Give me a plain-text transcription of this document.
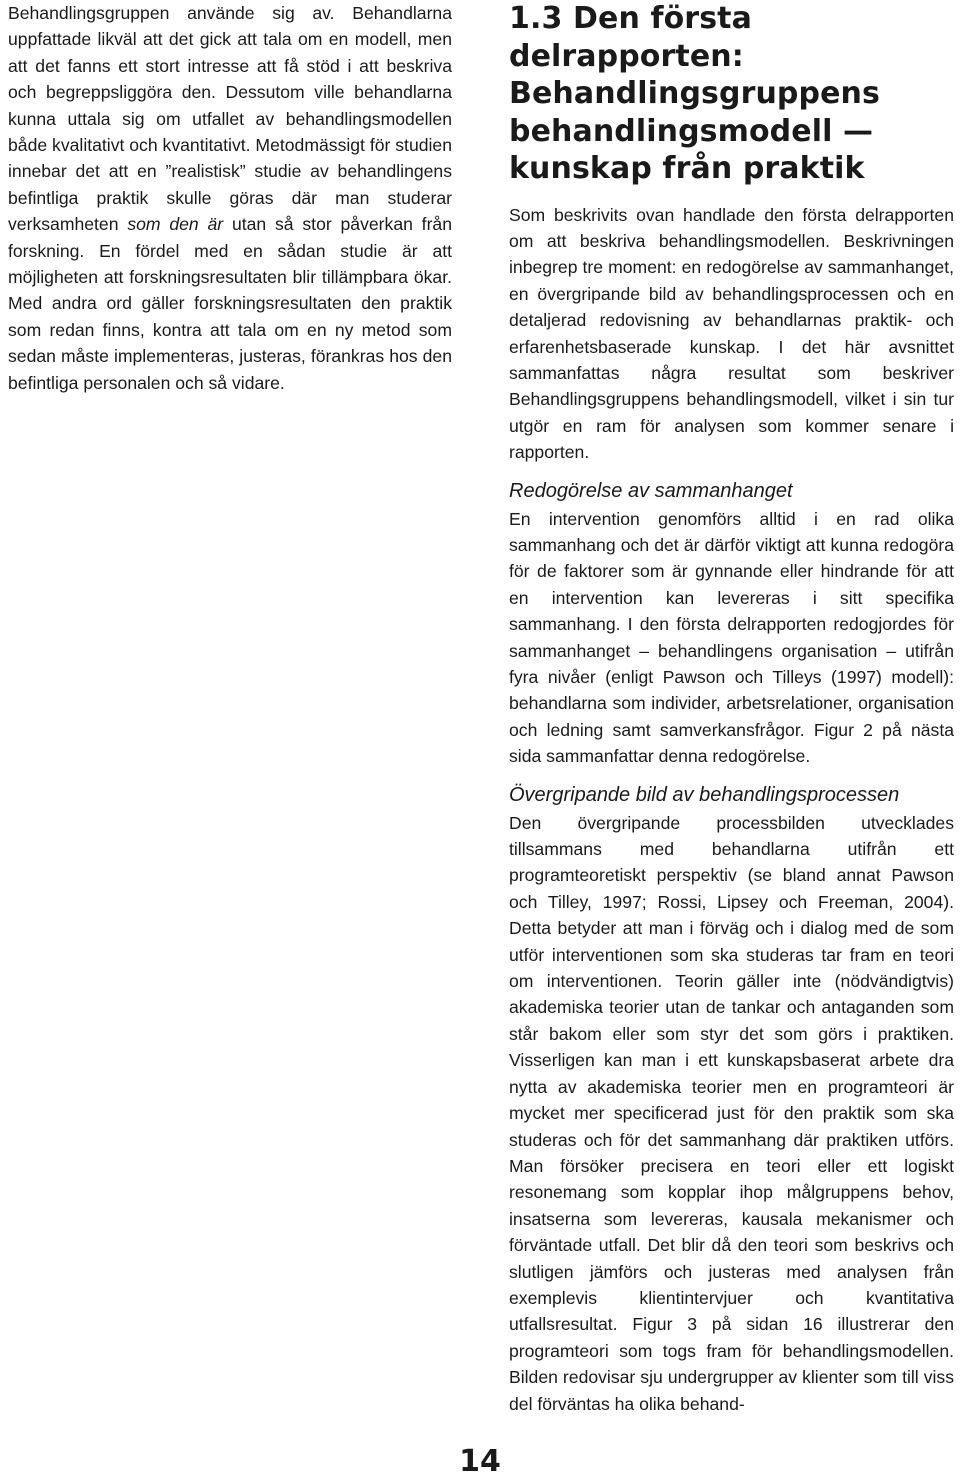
Behandlingsgruppen använde sig av. Behandlarna uppfattade likväl att det gick att tala om en modell, men att det fanns ett stort intresse att få stöd i att beskriva och begreppsliggöra den. Dessutom ville behandlarna kunna uttala sig om utfallet av behandlingsmodellen både kvalitativt och kvantitativt. Metodmässigt för studien innebar det att en ”realistisk” studie av behandlingens befintliga praktik skulle göras där man studerar verksamheten som den är utan så stor påverkan från forskning. En fördel med en sådan studie är att möjligheten att forskningsresultaten blir tillämpbara ökar. Med andra ord gäller forskningsresultaten den praktik som redan finns, kontra att tala om en ny metod som sedan måste implementeras, justeras, förankras hos den befintliga personalen och så vidare.

1.3 Den första delrapporten: Behandlingsgruppens behandlingsmodell — kunskap från praktik

Som beskrivits ovan handlade den första delrapporten om att beskriva behandlingsmodellen. Beskrivningen inbegrep tre moment: en redogörelse av sammanhanget, en övergripande bild av behandlingsprocessen och en detaljerad redovisning av behandlarnas praktik- och erfarenhetsbaserade kunskap. I det här avsnittet sammanfattas några resultat som beskriver Behandlingsgruppens behandlingsmodell, vilket i sin tur utgör en ram för analysen som kommer senare i rapporten.

Redogörelse av sammanhanget

En intervention genomförs alltid i en rad olika sammanhang och det är därför viktigt att kunna redogöra för de faktorer som är gynnande eller hindrande för att en intervention kan levereras i sitt specifika sammanhang. I den första delrapporten redogjordes för sammanhanget – behandlingens organisation – utifrån fyra nivåer (enligt Pawson och Tilleys (1997) modell): behandlarna som individer, arbetsrelationer, organisation och ledning samt samverkansfrågor. Figur 2 på nästa sida sammanfattar denna redogörelse.

Övergripande bild av behandlingsprocessen

Den övergripande processbilden utvecklades tillsammans med behandlarna utifrån ett programteoretiskt perspektiv (se bland annat Pawson och Tilley, 1997; Rossi, Lipsey och Freeman, 2004). Detta betyder att man i förväg och i dialog med de som utför interventionen som ska studeras tar fram en teori om interventionen. Teorin gäller inte (nödvändigtvis) akademiska teorier utan de tankar och antaganden som står bakom eller som styr det som görs i praktiken. Visserligen kan man i ett kunskapsbaserat arbete dra nytta av akademiska teorier men en programteori är mycket mer specificerad just för den praktik som ska studeras och för det sammanhang där praktiken utförs. Man försöker precisera en teori eller ett logiskt resonemang som kopplar ihop målgruppens behov, insatserna som levereras, kausala mekanismer och förväntade utfall. Det blir då den teori som beskrivs och slutligen jämförs och justeras med analysen från exemplevis klientintervjuer och kvantitativa utfallsresultat. Figur 3 på sidan 16 illustrerar den programteori som togs fram för behandlingsmodellen. Bilden redovisar sju undergrupper av klienter som till viss del förväntas ha olika behand-

14
